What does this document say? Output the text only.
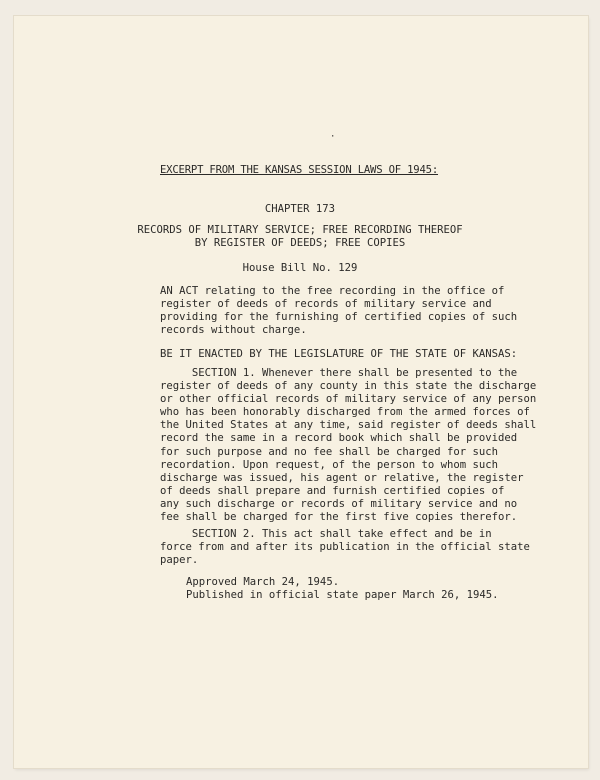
·
EXCERPT FROM THE KANSAS SESSION LAWS OF 1945:
CHAPTER 173
RECORDS OF MILITARY SERVICE; FREE RECORDING THEREOF
BY REGISTER OF DEEDS; FREE COPIES
House Bill No. 129
AN ACT relating to the free recording in the office of
register of deeds of records of military service and
providing for the furnishing of certified copies of such
records without charge.
BE IT ENACTED BY THE LEGISLATURE OF THE STATE OF KANSAS:
SECTION 1. Whenever there shall be presented to the
register of deeds of any county in this state the discharge
or other official records of military service of any person
who has been honorably discharged from the armed forces of
the United States at any time, said register of deeds shall
record the same in a record book which shall be provided
for such purpose and no fee shall be charged for such
recordation. Upon request, of the person to whom such
discharge was issued, his agent or relative, the register
of deeds shall prepare and furnish certified copies of
any such discharge or records of military service and no
fee shall be charged for the first five copies therefor.
SECTION 2. This act shall take effect and be in
force from and after its publication in the official state
paper.
Approved March 24, 1945.
Published in official state paper March 26, 1945.
